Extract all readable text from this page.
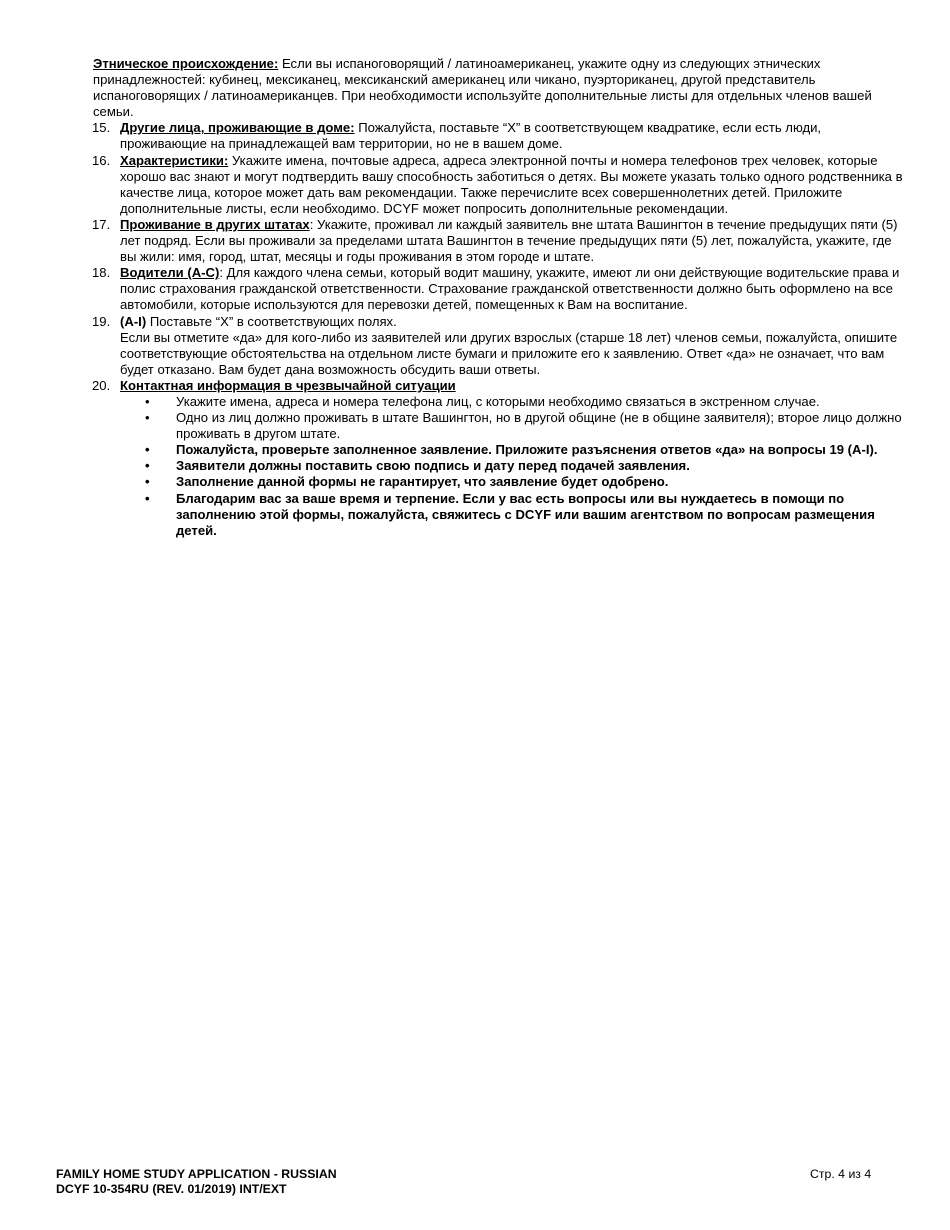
Этническое происхождение: Если вы испаноговорящий / латиноамериканец, укажите одну из следующих этнических принадлежностей: кубинец, мексиканец, мексиканский американец или чикано, пуэрториканец, другой представитель испаноговорящих / латиноамериканцев. При необходимости используйте дополнительные листы для отдельных членов вашей семьи.

15. Другие лица, проживающие в доме: Пожалуйста, поставьте “X” в соответствующем квадратике, если есть люди, проживающие на принадлежащей вам территории, но не в вашем доме.
16. Характеристики: Укажите имена, почтовые адреса, адреса электронной почты и номера телефонов трех человек, которые хорошо вас знают и могут подтвердить вашу способность заботиться о детях. Вы можете указать только одного родственника в качестве лица, которое может дать вам рекомендации. Также перечислите всех совершеннолетних детей. Приложите дополнительные листы, если необходимо. DCYF может попросить дополнительные рекомендации.
17. Проживание в других штатах: Укажите, проживал ли каждый заявитель вне штата Вашингтон в течение предыдущих пяти (5) лет подряд. Если вы проживали за пределами штата Вашингтон в течение предыдущих пяти (5) лет, пожалуйста, укажите, где вы жили: имя, город, штат, месяцы и годы проживания в этом городе и штате.
18. Водители (A-C): Для каждого члена семьи, который водит машину, укажите, имеют ли они действующие водительские права и полис страхования гражданской ответственности. Страхование гражданской ответственности должно быть оформлено на все автомобили, которые используются для перевозки детей, помещенных к Вам на воспитание.
19. (A-I) Поставьте “X” в соответствующих полях.
Если вы отметите «да» для кого-либо из заявителей или других взрослых (старше 18 лет) членов семьи, пожалуйста, опишите соответствующие обстоятельства на отдельном листе бумаги и приложите его к заявлению. Ответ «да» не означает, что вам будет отказано. Вам будет дана возможность обсудить ваши ответы.
20. Контактная информация в чрезвычайной ситуации
• Укажите имена, адреса и номера телефона лиц, с которыми необходимо связаться в экстренном случае.
• Одно из лиц должно проживать в штате Вашингтон, но в другой общине (не в общине заявителя); второе лицо должно проживать в другом штате.
• Пожалуйста, проверьте заполненное заявление. Приложите разъяснения ответов «да» на вопросы 19 (A-I).
• Заявители должны поставить свою подпись и дату перед подачей заявления.
• Заполнение данной формы не гарантирует, что заявление будет одобрено.
• Благодарим вас за ваше время и терпение. Если у вас есть вопросы или вы нуждаетесь в помощи по заполнению этой формы, пожалуйста, свяжитесь с DCYF или вашим агентством по вопросам размещения детей.
FAMILY HOME STUDY APPLICATION - RUSSIAN
DCYF 10-354RU (REV. 01/2019) INT/EXT
Стр. 4 из 4
